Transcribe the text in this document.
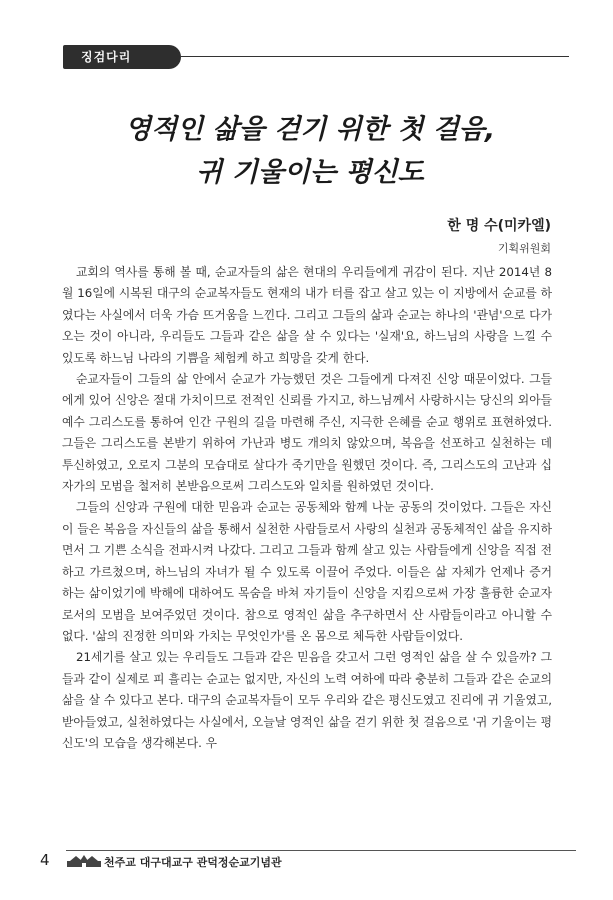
징검다리
영적인 삶을 걷기 위한 첫 걸음,
귀 기울이는 평신도
한 명 수(미카엘)
기획위원회

교회의 역사를 통해 볼 때, 순교자들의 삶은 현대의 우리들에게 귀감이 된다. 지난 2014년 8월 16일에 시복된 대구의 순교복자들도 현재의 내가 터를 잡고 살고 있는 이 지방에서 순교를 하였다는 사실에서 더욱 가슴 뜨거움을 느낀다. 그리고 그들의 삶과 순교는 하나의 '관념'으로 다가오는 것이 아니라, 우리들도 그들과 같은 삶을 살 수 있다는 '실재'요, 하느님의 사랑을 느낄 수 있도록 하느님 나라의 기쁨을 체험케 하고 희망을 갖게 한다.

순교자들이 그들의 삶 안에서 순교가 가능했던 것은 그들에게 다져진 신앙 때문이었다. 그들에게 있어 신앙은 절대 가치이므로 전적인 신뢰를 가지고, 하느님께서 사랑하시는 당신의 외아들 예수 그리스도를 통하여 인간 구원의 길을 마련해 주신, 지극한 은혜를 순교 행위로 표현하였다. 그들은 그리스도를 본받기 위하여 가난과 병도 개의치 않았으며, 복음을 선포하고 실천하는 데 투신하였고, 오로지 그분의 모습대로 살다가 죽기만을 원했던 것이다. 즉, 그리스도의 고난과 십자가의 모범을 철저히 본받음으로써 그리스도와 일치를 원하였던 것이다.

그들의 신앙과 구원에 대한 믿음과 순교는 공동체와 함께 나눈 공동의 것이었다. 그들은 자신이 들은 복음을 자신들의 삶을 통해서 실천한 사람들로서 사랑의 실천과 공동체적인 삶을 유지하면서 그 기쁜 소식을 전파시켜 나갔다. 그리고 그들과 함께 살고 있는 사람들에게 신앙을 직접 전하고 가르쳤으며, 하느님의 자녀가 될 수 있도록 이끌어 주었다. 이들은 삶 자체가 언제나 증거 하는 삶이었기에 박해에 대하여도 목숨을 바쳐 자기들이 신앙을 지킴으로써 가장 훌륭한 순교자로서의 모범을 보여주었던 것이다. 참으로 영적인 삶을 추구하면서 산 사람들이라고 아니할 수 없다. '삶의 진정한 의미와 가치는 무엇인가'를 온 몸으로 체득한 사람들이었다.

21세기를 살고 있는 우리들도 그들과 같은 믿음을 갖고서 그런 영적인 삶을 살 수 있을까? 그들과 같이 실제로 피 흘리는 순교는 없지만, 자신의 노력 여하에 따라 충분히 그들과 같은 순교의 삶을 살 수 있다고 본다. 대구의 순교복자들이 모두 우리와 같은 평신도였고 진리에 귀 기울였고, 받아들였고, 실천하였다는 사실에서, 오늘날 영적인 삶을 걷기 위한 첫 걸음으로 '귀 기울이는 평신도'의 모습을 생각해본다. 우

4	천주교 대구대교구 관덕정순교기념관
